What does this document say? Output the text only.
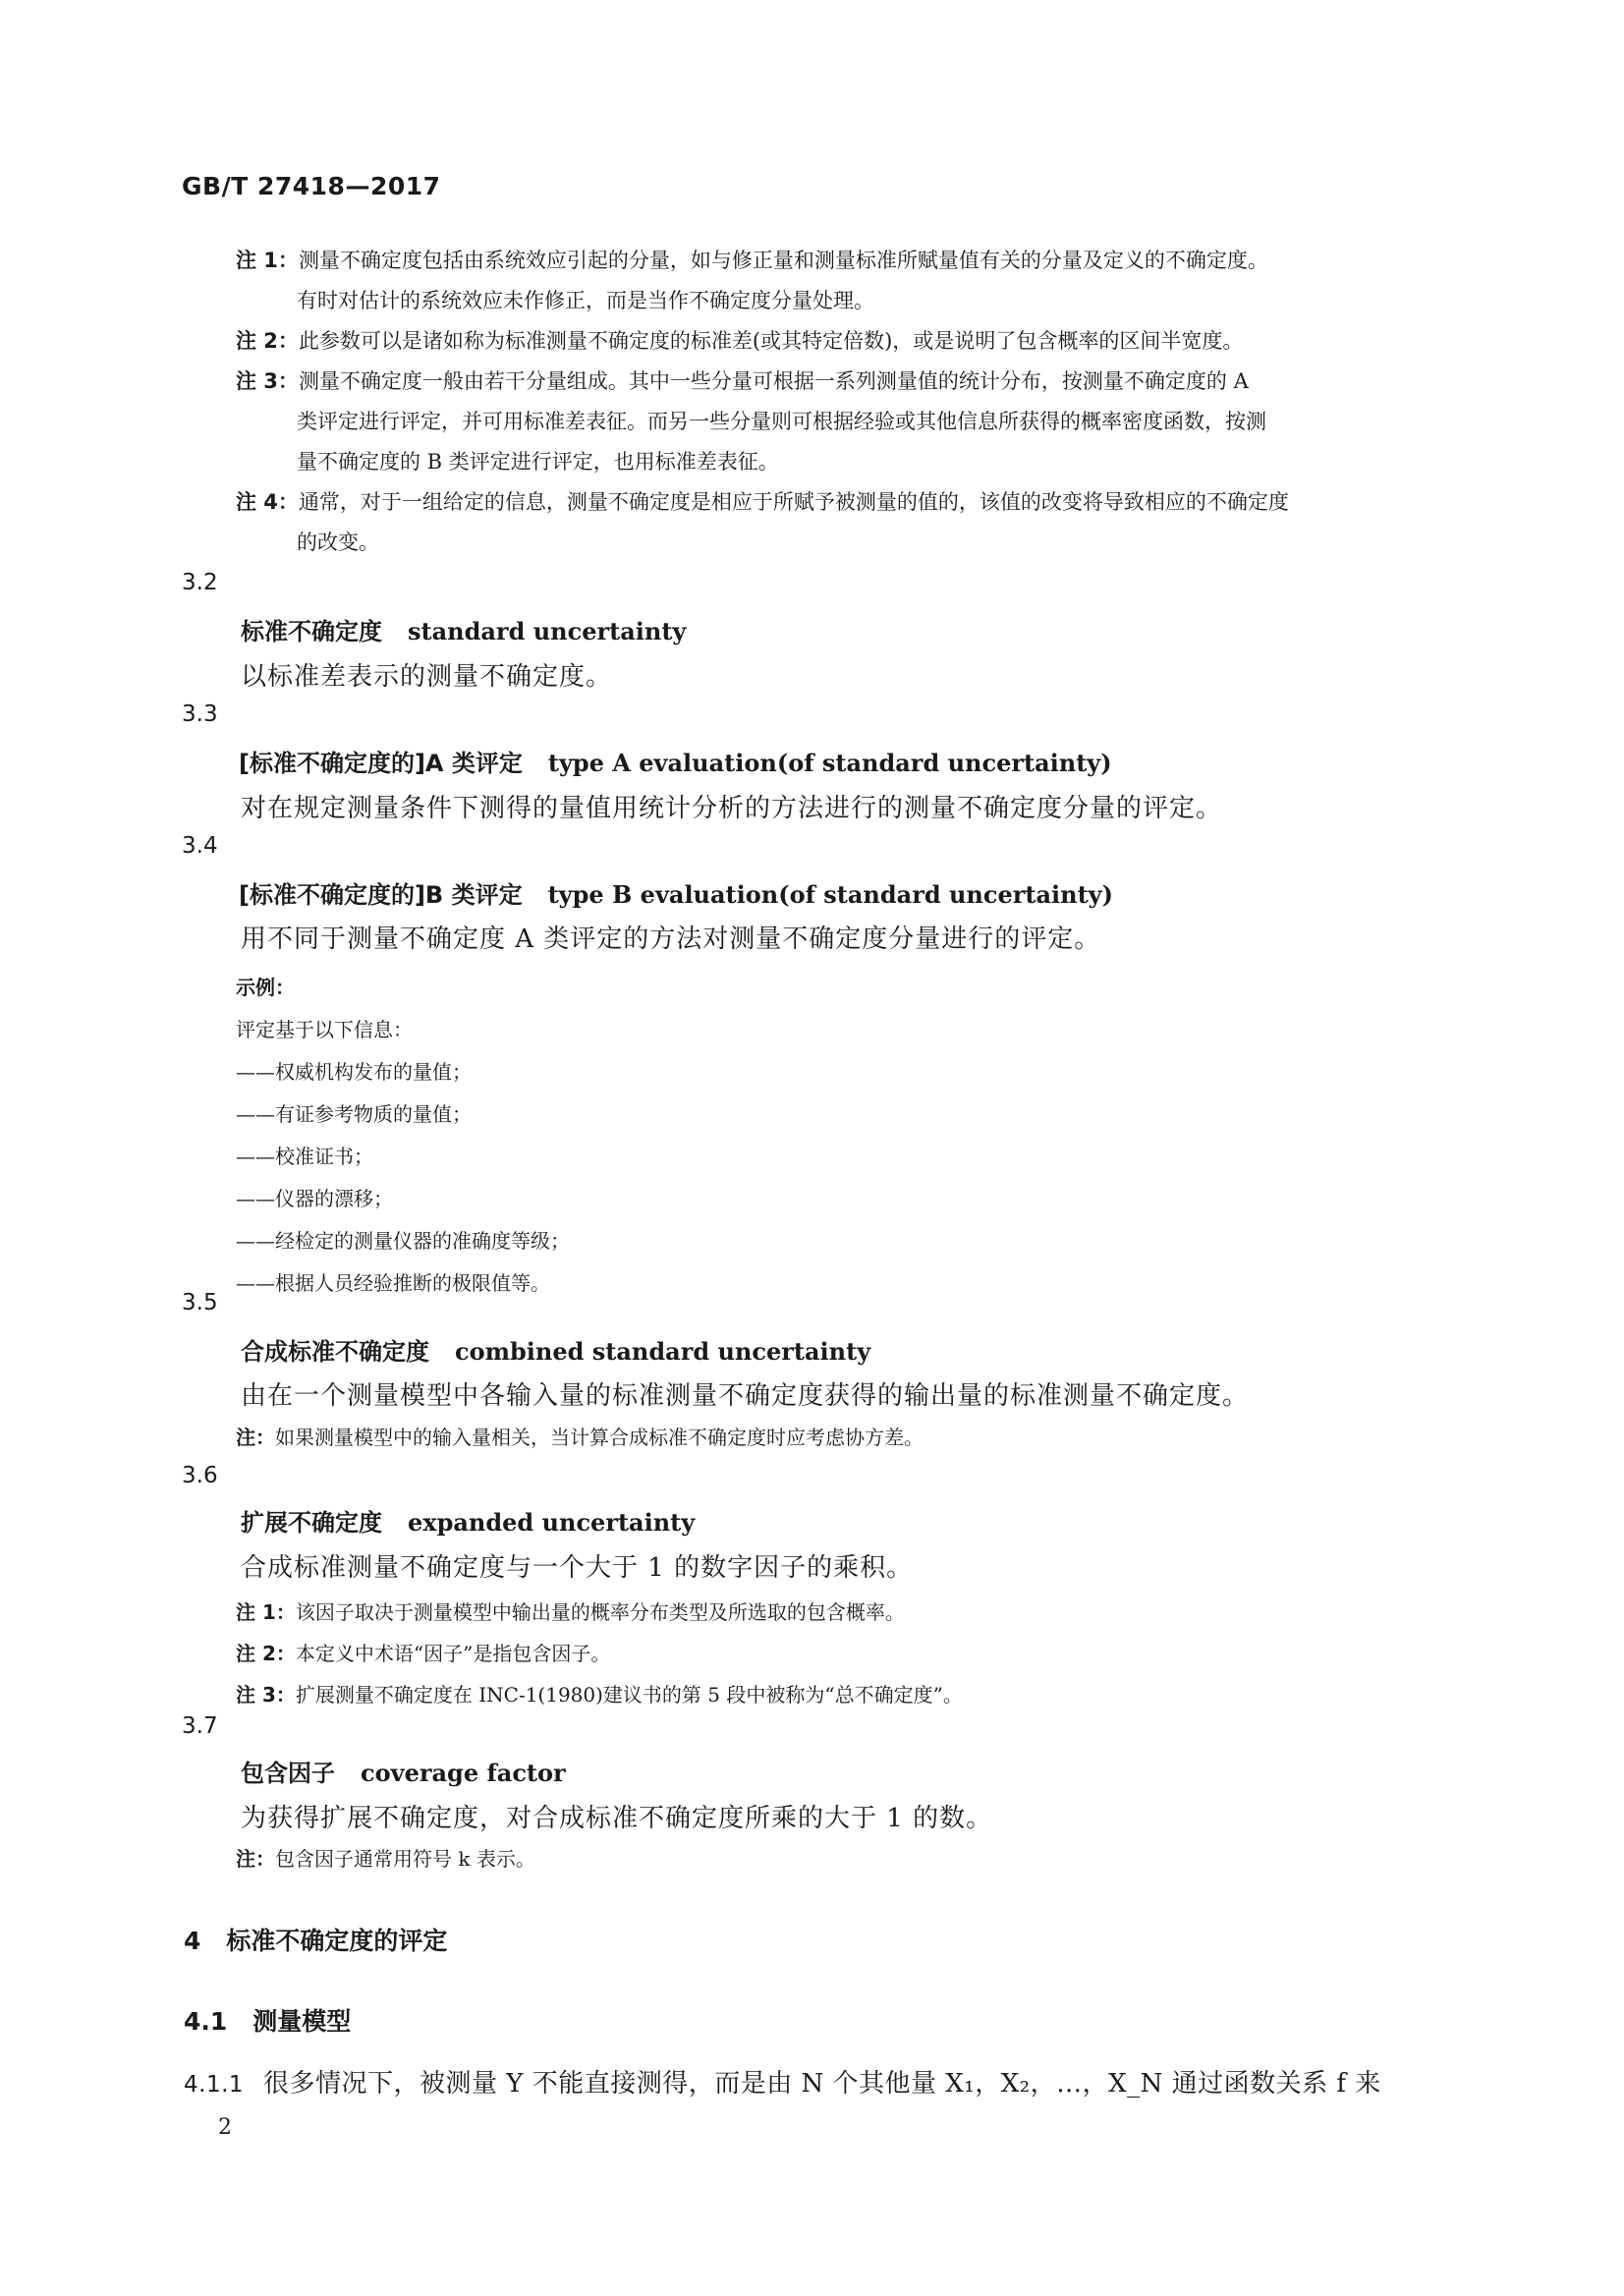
GB/T 27418—2017
注 1：测量不确定度包括由系统效应引起的分量，如与修正量和测量标准所赋量值有关的分量及定义的不确定度。
有时对估计的系统效应未作修正，而是当作不确定度分量处理。
注 2：此参数可以是诸如称为标准测量不确定度的标准差(或其特定倍数)，或是说明了包含概率的区间半宽度。
注 3：测量不确定度一般由若干分量组成。其中一些分量可根据一系列测量值的统计分布，按测量不确定度的 A
类评定进行评定，并可用标准差表征。而另一些分量则可根据经验或其他信息所获得的概率密度函数，按测
量不确定度的 B 类评定进行评定，也用标准差表征。
注 4：通常，对于一组给定的信息，测量不确定度是相应于所赋予被测量的值的，该值的改变将导致相应的不确定度
的改变。
3.2
标准不确定度 standard uncertainty
以标准差表示的测量不确定度。
3.3
[标准不确定度的]A 类评定 type A evaluation(of standard uncertainty)
对在规定测量条件下测得的量值用统计分析的方法进行的测量不确定度分量的评定。
3.4
[标准不确定度的]B 类评定 type B evaluation(of standard uncertainty)
用不同于测量不确定度 A 类评定的方法对测量不确定度分量进行的评定。
示例：
评定基于以下信息：
——权威机构发布的量值；
——有证参考物质的量值；
——校准证书；
——仪器的漂移；
——经检定的测量仪器的准确度等级；
——根据人员经验推断的极限值等。
3.5
合成标准不确定度 combined standard uncertainty
由在一个测量模型中各输入量的标准测量不确定度获得的输出量的标准测量不确定度。
注：如果测量模型中的输入量相关，当计算合成标准不确定度时应考虑协方差。
3.6
扩展不确定度 expanded uncertainty
合成标准测量不确定度与一个大于 1 的数字因子的乘积。
注 1：该因子取决于测量模型中输出量的概率分布类型及所选取的包含概率。
注 2：本定义中术语“因子”是指包含因子。
注 3：扩展测量不确定度在 INC-1(1980)建议书的第 5 段中被称为“总不确定度”。
3.7
包含因子 coverage factor
为获得扩展不确定度，对合成标准不确定度所乘的大于 1 的数。
注：包含因子通常用符号 k 表示。
4 标准不确定度的评定
4.1 测量模型
4.1.1 很多情况下，被测量 Y 不能直接测得，而是由 N 个其他量 X₁，X₂，…，X_N 通过函数关系 f 来
2
